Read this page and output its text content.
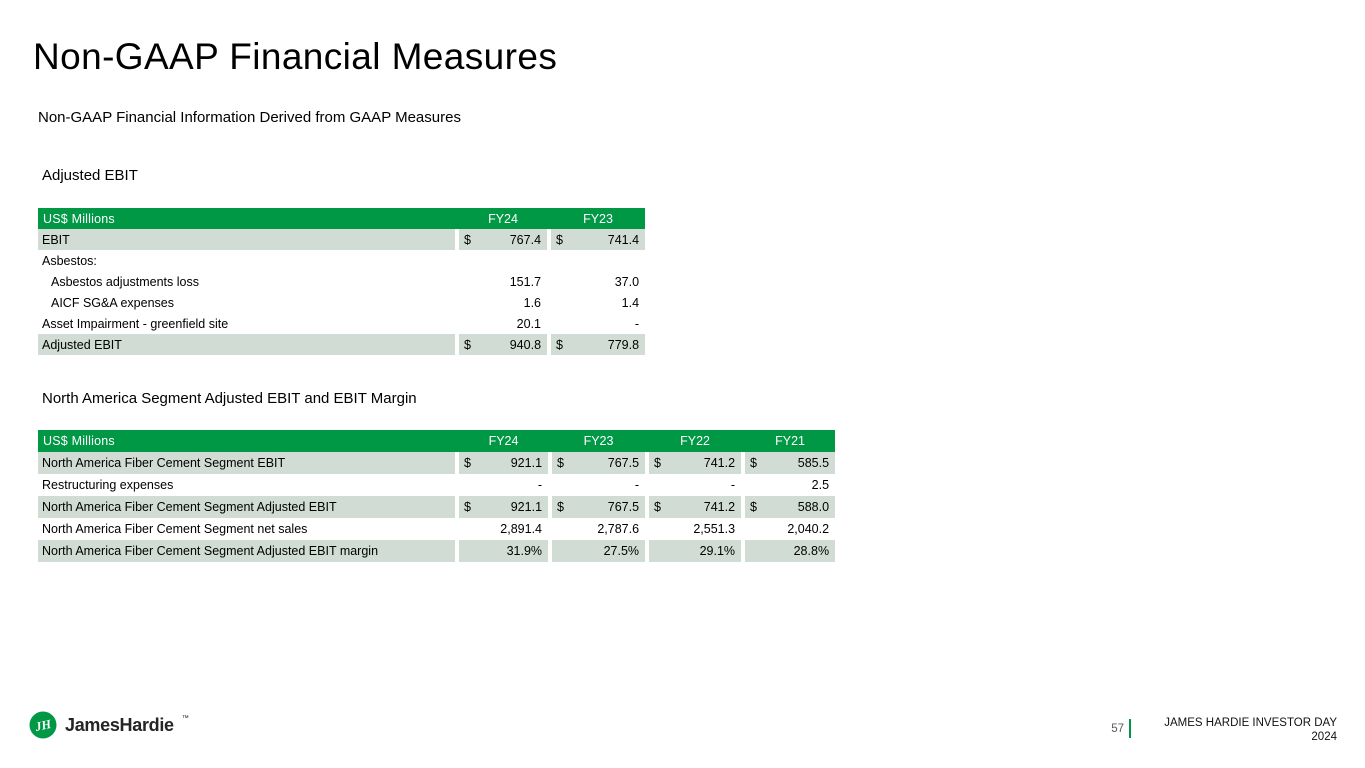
Non-GAAP Financial Measures
Non-GAAP Financial Information Derived from GAAP Measures
Adjusted EBIT
US$ Millions		FY24			FY23	
EBIT		$	767.4		$	741.4
Asbestos:						
Asbestos adjustments loss			151.7			37.0
AICF SG&A expenses			1.6			1.4
Asset Impairment - greenfield site			20.1			-
Adjusted EBIT		$	940.8		$	779.8
North America Segment Adjusted EBIT and EBIT Margin
US$ Millions		FY24			FY23			FY22			FY21	
North America Fiber Cement Segment EBIT		$	921.1		$	767.5		$	741.2		$	585.5
Restructuring expenses			-			-			-			2.5
North America Fiber Cement Segment Adjusted EBIT		$	921.1		$	767.5		$	741.2		$	588.0
North America Fiber Cement Segment net sales			2,891.4			2,787.6			2,551.3			2,040.2
North America Fiber Cement Segment Adjusted EBIT margin			31.9%			27.5%			29.1%			28.8%
JH JamesHardie ™
57	JAMES HARDIE INVESTOR DAY
2024
